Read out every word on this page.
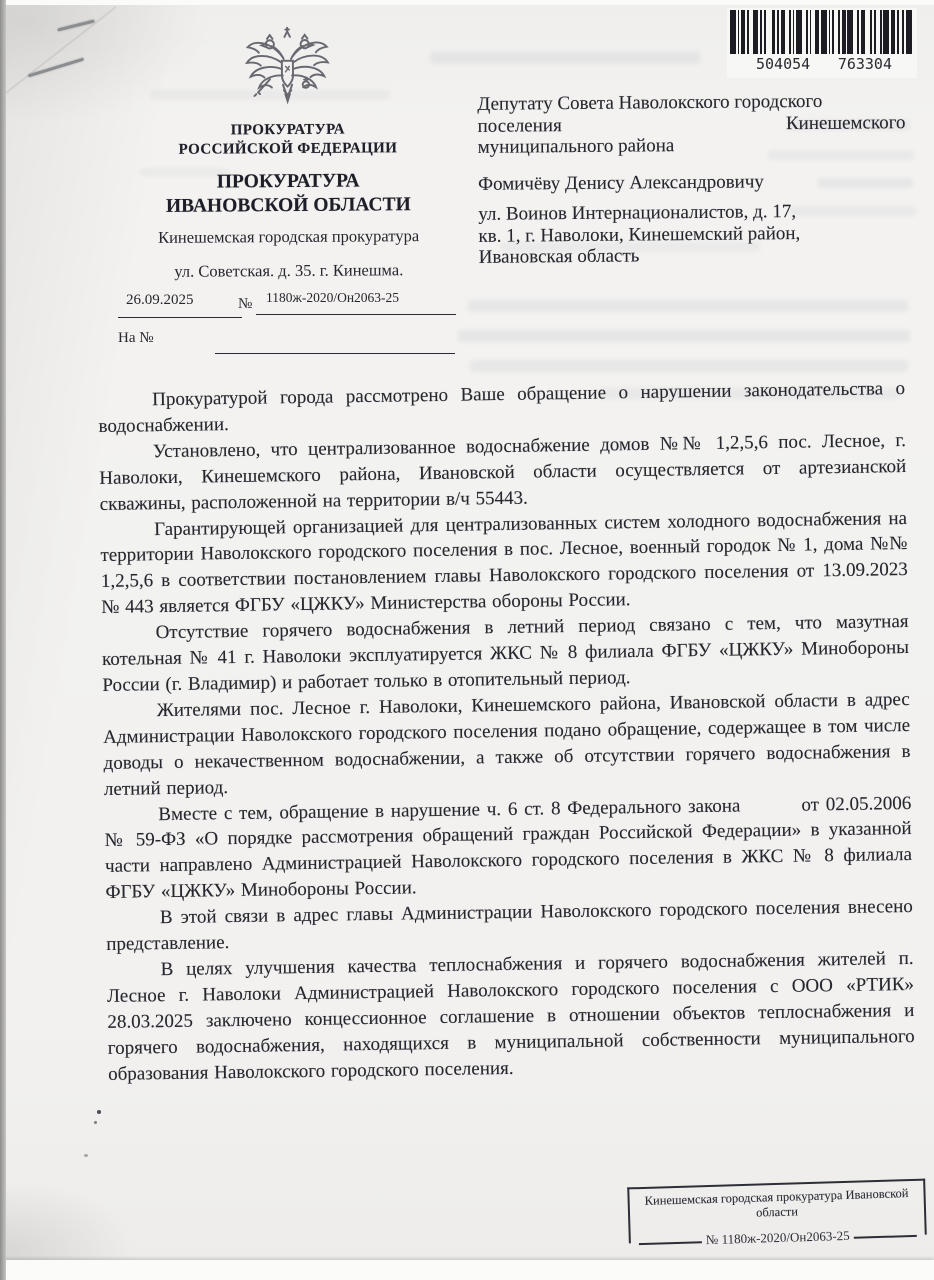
ПРОКУРАТУРА
РОССИЙСКОЙ ФЕДЕРАЦИИ
ПРОКУРАТУРА
ИВАНОВСКОЙ ОБЛАСТИ
Кинешемская городская прокуратура
ул. Советская. д. 35. г. Кинешма.
26.09.2025	№ 1180ж-2020/Он2063-25
На №
504054 763304
Депутату Совета Наволокского городского
поселения	Кинешемского
муниципального района
Фомичёву Денису Александровичу
ул. Воинов Интернационалистов, д. 17,
кв. 1, г. Наволоки, Кинешемский район,
Ивановская область

Прокуратурой города рассмотрено Ваше обращение о нарушении законодательства о водоснабжении.

Установлено, что централизованное водоснабжение домов №№ 1,2,5,6 пос. Лесное, г. Наволоки, Кинешемского района, Ивановской области осуществляется от артезианской скважины, расположенной на территории в/ч 55443.

Гарантирующей организацией для централизованных систем холодного водоснабжения на территории Наволокского городского поселения в пос. Лесное, военный городок № 1, дома №№ 1,2,5,6 в соответствии постановлением главы Наволокского городского поселения от 13.09.2023 № 443 является ФГБУ «ЦЖКУ» Министерства обороны России.

Отсутствие горячего водоснабжения в летний период связано с тем, что мазутная котельная № 41 г. Наволоки эксплуатируется ЖКС № 8 филиала ФГБУ «ЦЖКУ» Минобороны России (г. Владимир) и работает только в отопительный период.

Жителями пос. Лесное г. Наволоки, Кинешемского района, Ивановской области в адрес Администрации Наволокского городского поселения подано обращение, содержащее в том числе доводы о некачественном водоснабжении, а также об отсутствии горячего водоснабжения в летний период.

Вместе с тем, обращение в нарушение ч. 6 ст. 8 Федерального закона         от 02.05.2006 № 59-ФЗ «О порядке рассмотрения обращений граждан Российской Федерации» в указанной части направлено Администрацией Наволокского городского поселения в ЖКС № 8 филиала ФГБУ «ЦЖКУ» Минобороны России.

В этой связи в адрес главы Администрации Наволокского городского поселения внесено представление.

В целях улучшения качества теплоснабжения и горячего водоснабжения жителей п. Лесное г. Наволоки Администрацией Наволокского городского поселения с ООО «РТИК» 28.03.2025 заключено концессионное соглашение в отношении объектов теплоснабжения и горячего водоснабжения, находящихся в муниципальной собственности муниципального образования Наволокского городского поселения.

Кинешемская городская прокуратура Ивановской области
№ 1180ж-2020/Он2063-25
